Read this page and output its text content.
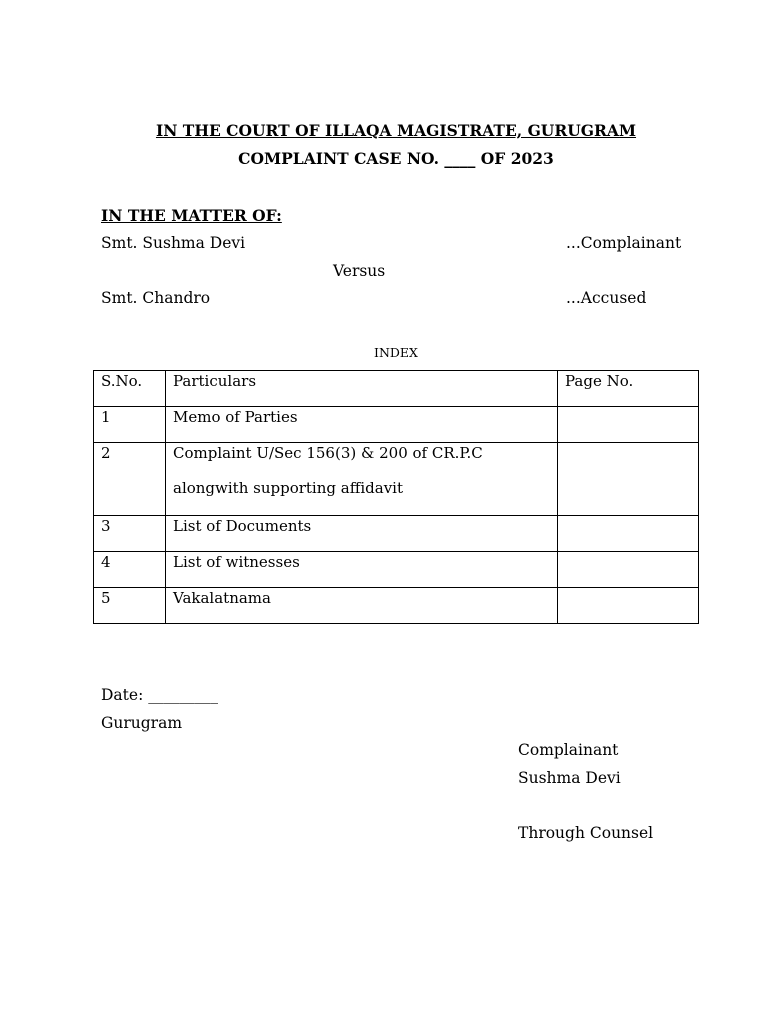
IN THE COURT OF ILLAQA MAGISTRATE, GURUGRAM
COMPLAINT CASE NO. ____ OF 2023
IN THE MATTER OF:
Smt. Sushma Devi	...Complainant
Versus
Smt. Chandro	...Accused
INDEX
S.No.	Particulars	Page No.
1	Memo of Parties	
2	Complaint U/Sec 156(3) & 200 of CR.P.C
alongwith supporting affidavit	

3	List of Documents	
4	List of witnesses	
5	Vakalatnama	
Date: _________
Gurugram
Complainant
Sushma Devi
Through Counsel
